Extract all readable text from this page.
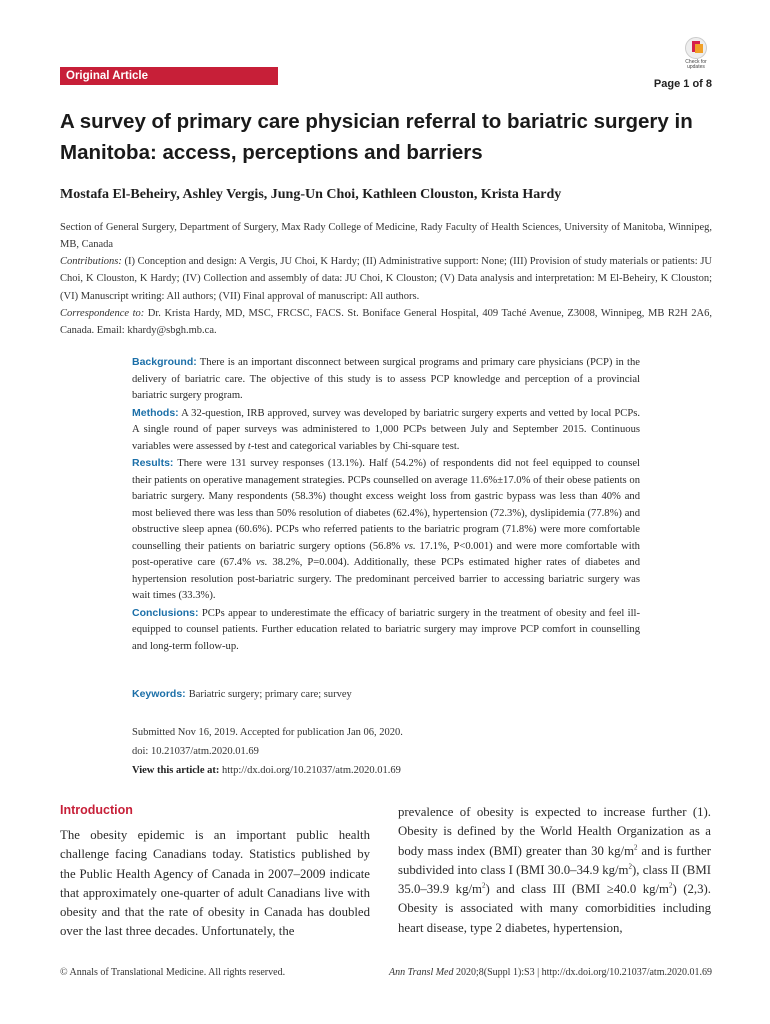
Original Article
Check for updates
Page 1 of 8
A survey of primary care physician referral to bariatric surgery in Manitoba: access, perceptions and barriers
Mostafa El-Beheiry, Ashley Vergis, Jung-Un Choi, Kathleen Clouston, Krista Hardy

Section of General Surgery, Department of Surgery, Max Rady College of Medicine, Rady Faculty of Health Sciences, University of Manitoba, Winnipeg, MB, Canada

Contributions: (I) Conception and design: A Vergis, JU Choi, K Hardy; (II) Administrative support: None; (III) Provision of study materials or patients: JU Choi, K Clouston, K Hardy; (IV) Collection and assembly of data: JU Choi, K Clouston; (V) Data analysis and interpretation: M El-Beheiry, K Clouston; (VI) Manuscript writing: All authors; (VII) Final approval of manuscript: All authors.

Correspondence to: Dr. Krista Hardy, MD, MSC, FRCSC, FACS. St. Boniface General Hospital, 409 Taché Avenue, Z3008, Winnipeg, MB R2H 2A6, Canada. Email: khardy@sbgh.mb.ca.

Background: There is an important disconnect between surgical programs and primary care physicians (PCP) in the delivery of bariatric care. The objective of this study is to assess PCP knowledge and perception of a provincial bariatric surgery program.

Methods: A 32-question, IRB approved, survey was developed by bariatric surgery experts and vetted by local PCPs. A single round of paper surveys was administered to 1,000 PCPs between July and September 2015. Continuous variables were assessed by t-test and categorical variables by Chi-square test.

Results: There were 131 survey responses (13.1%). Half (54.2%) of respondents did not feel equipped to counsel their patients on operative management strategies. PCPs counselled on average 11.6%±17.0% of their obese patients on bariatric surgery. Many respondents (58.3%) thought excess weight loss from gastric bypass was less than 40% and most believed there was less than 50% resolution of diabetes (62.4%), hypertension (72.3%), dyslipidemia (77.8%) and obstructive sleep apnea (60.6%). PCPs who referred patients to the bariatric program (71.8%) were more comfortable counselling their patients on bariatric surgery options (56.8% vs. 17.1%, P<0.001) and were more comfortable with post-operative care (67.4% vs. 38.2%, P=0.004). Additionally, these PCPs estimated higher rates of diabetes and hypertension resolution post-bariatric surgery. The predominant perceived barrier to accessing bariatric surgery was wait times (33.3%).

Conclusions: PCPs appear to underestimate the efficacy of bariatric surgery in the treatment of obesity and feel ill-equipped to counsel patients. Further education related to bariatric surgery may improve PCP comfort in counselling and long-term follow-up.

Keywords: Bariatric surgery; primary care; survey
Submitted Nov 16, 2019. Accepted for publication Jan 06, 2020.
doi: 10.21037/atm.2020.01.69
View this article at: http://dx.doi.org/10.21037/atm.2020.01.69
Introduction

The obesity epidemic is an important public health challenge facing Canadians today. Statistics published by the Public Health Agency of Canada in 2007–2009 indicate that approximately one-quarter of adult Canadians live with obesity and that the rate of obesity in Canada has doubled over the last three decades. Unfortunately, the

prevalence of obesity is expected to increase further (1). Obesity is defined by the World Health Organization as a body mass index (BMI) greater than 30 $kg/m^2$ and is further subdivided into class I (BMI 30.0–34.9 $kg/m^2$), class II (BMI 35.0–39.9 $kg/m^2$) and class III (BMI ≥40.0 $kg/m^2$) (2,3). Obesity is associated with many comorbidities including heart disease, type 2 diabetes, hypertension,

© Annals of Translational Medicine. All rights reserved.	Ann Transl Med 2020;8(Suppl 1):S3 | http://dx.doi.org/10.21037/atm.2020.01.69
